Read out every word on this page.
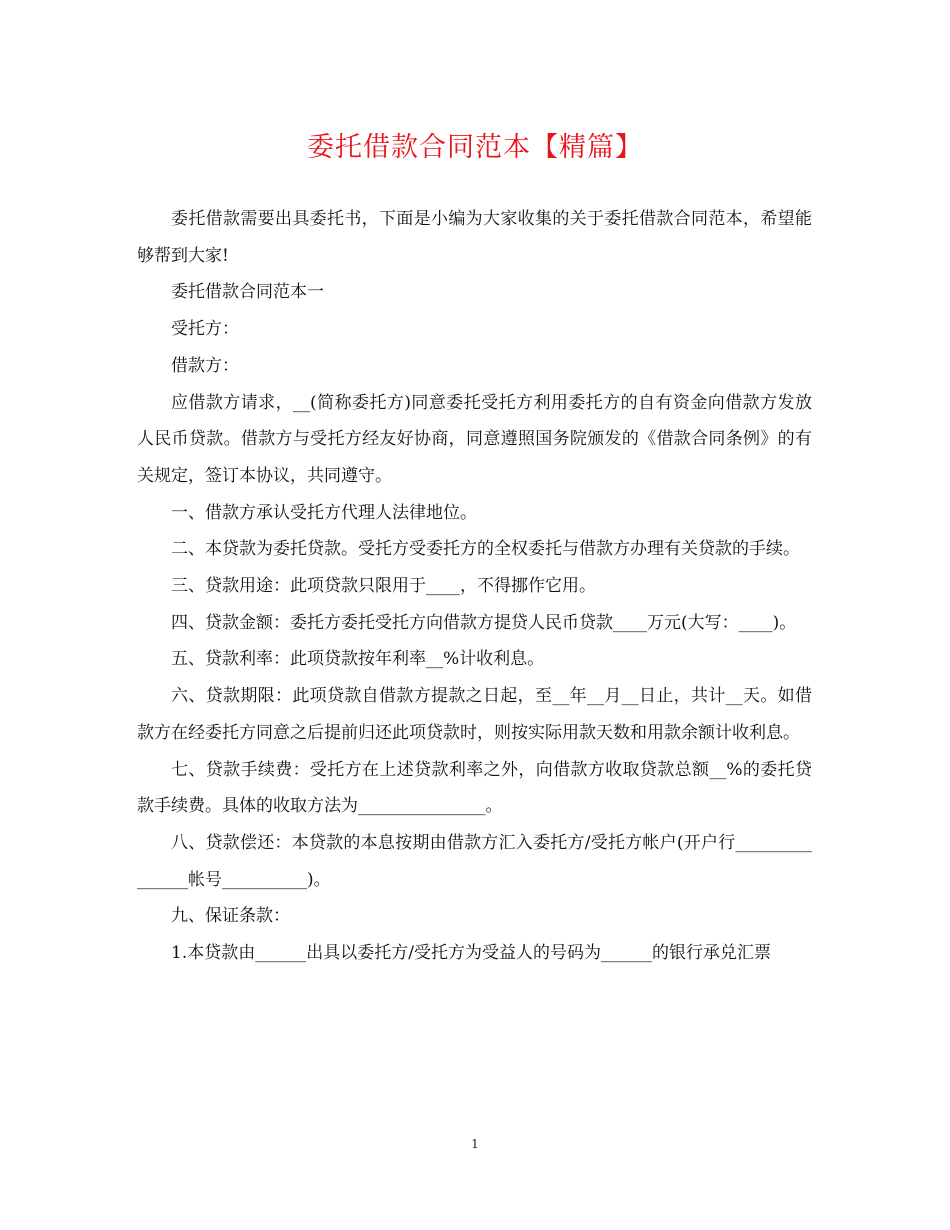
委托借款合同范本【精篇】

委托借款需要出具委托书，下面是小编为大家收集的关于委托借款合同范本，希望能够帮到大家!

委托借款合同范本一

受托方：

借款方：

应借款方请求，__(简称委托方)同意委托受托方利用委托方的自有资金向借款方发放人民币贷款。借款方与受托方经友好协商，同意遵照国务院颁发的《借款合同条例》的有关规定，签订本协议，共同遵守。

一、借款方承认受托方代理人法律地位。

二、本贷款为委托贷款。受托方受委托方的全权委托与借款方办理有关贷款的手续。

三、贷款用途：此项贷款只限用于____，不得挪作它用。

四、贷款金额：委托方委托受托方向借款方提贷人民币贷款____万元(大写：____)。

五、贷款利率：此项贷款按年利率__%计收利息。

六、贷款期限：此项贷款自借款方提款之日起，至__年__月__日止，共计__天。如借款方在经委托方同意之后提前归还此项贷款时，则按实际用款天数和用款余额计收利息。

七、贷款手续费：受托方在上述贷款利率之外，向借款方收取贷款总额__%的委托贷款手续费。具体的收取方法为_______________。

八、贷款偿还：本贷款的本息按期由借款方汇入委托方/受托方帐户(开户行_______________帐号__________)。

九、保证条款：

1.本贷款由______出具以委托方/受托方为受益人的号码为______的银行承兑汇票

1
